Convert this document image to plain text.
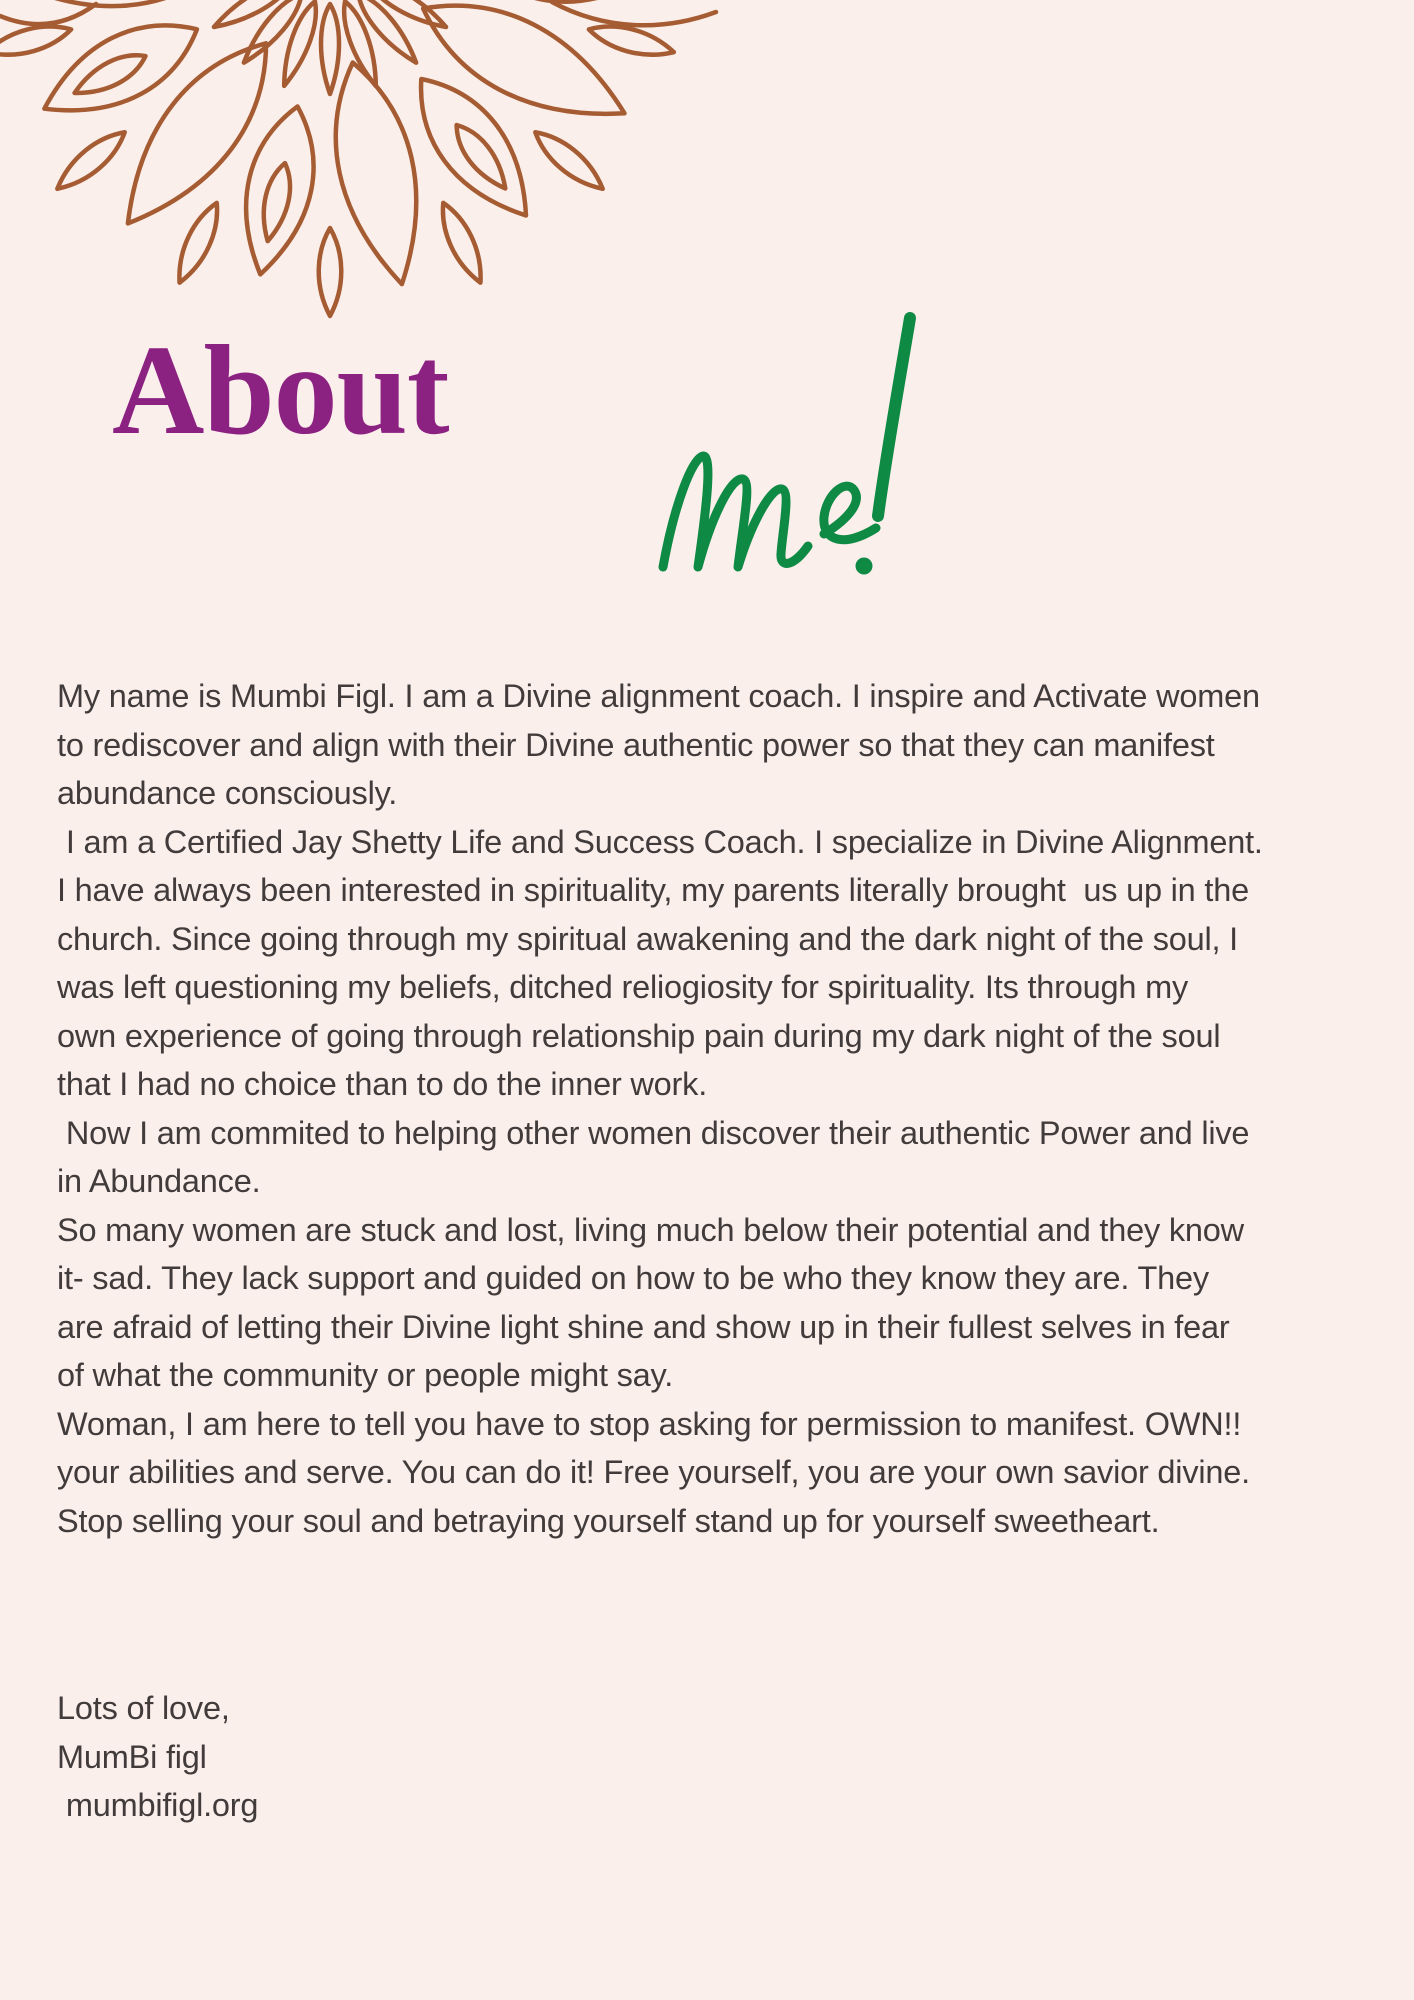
About
My name is Mumbi Figl. I am a Divine alignment coach. I inspire and Activate women
to rediscover and align with their Divine authentic power so that they can manifest
abundance consciously.
I am a Certified Jay Shetty Life and Success Coach. I specialize in Divine Alignment.
I have always been interested in spirituality, my parents literally brought  us up in the
church. Since going through my spiritual awakening and the dark night of the soul, I
was left questioning my beliefs, ditched reliogiosity for spirituality. Its through my
own experience of going through relationship pain during my dark night of the soul
that I had no choice than to do the inner work.
Now I am commited to helping other women discover their authentic Power and live
in Abundance.
So many women are stuck and lost, living much below their potential and they know
it- sad. They lack support and guided on how to be who they know they are. They
are afraid of letting their Divine light shine and show up in their fullest selves in fear
of what the community or people might say.
Woman, I am here to tell you have to stop asking for permission to manifest. OWN!!
your abilities and serve. You can do it! Free yourself, you are your own savior divine.
Stop selling your soul and betraying yourself stand up for yourself sweetheart.
Lots of love,
MumBi figl
mumbifigl.org
